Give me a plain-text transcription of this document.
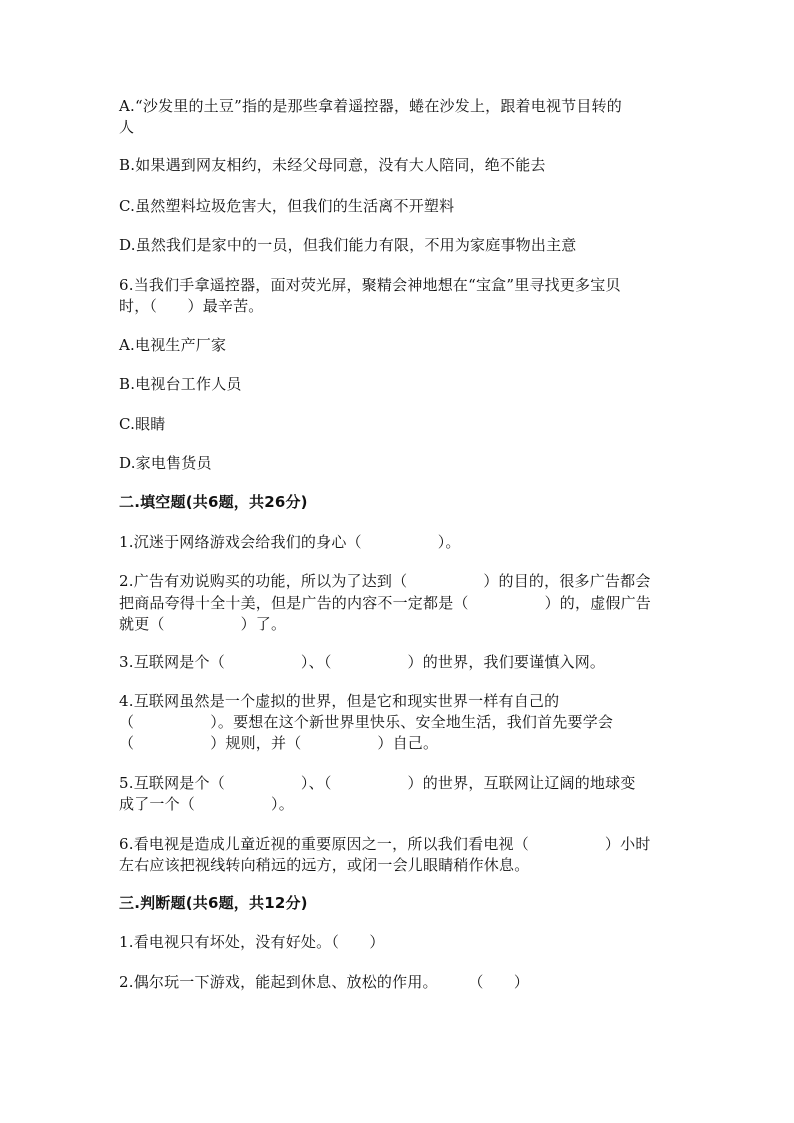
A.“沙发里的土豆”指的是那些拿着遥控器，蜷在沙发上，跟着电视节目转的
人
B.如果遇到网友相约，未经父母同意，没有大人陪同，绝不能去
C.虽然塑料垃圾危害大，但我们的生活离不开塑料
D.虽然我们是家中的一员，但我们能力有限，不用为家庭事物出主意
6.当我们手拿遥控器，面对荧光屏，聚精会神地想在“宝盒”里寻找更多宝贝
时，（　　）最辛苦。
A.电视生产厂家
B.电视台工作人员
C.眼睛
D.家电售货员
二.填空题(共6题，共26分)
1.沉迷于网络游戏会给我们的身心（　　　　　）。
2.广告有劝说购买的功能，所以为了达到（　　　　　）的目的，很多广告都会
把商品夸得十全十美，但是广告的内容不一定都是（　　　　　）的，虚假广告
就更（　　　　　）了。
3.互联网是个（　　　　　）、（　　　　　）的世界，我们要谨慎入网。
4.互联网虽然是一个虚拟的世界，但是它和现实世界一样有自己的
（　　　　　）。要想在这个新世界里快乐、安全地生活，我们首先要学会
（　　　　　）规则，并（　　　　　）自己。
5.互联网是个（　　　　　）、（　　　　　）的世界，互联网让辽阔的地球变
成了一个（　　　　　）。
6.看电视是造成儿童近视的重要原因之一，所以我们看电视（　　　　　）小时
左右应该把视线转向稍远的远方，或闭一会儿眼睛稍作休息。
三.判断题(共6题，共12分)
1.看电视只有坏处，没有好处。（　　）
2.偶尔玩一下游戏，能起到休息、放松的作用。　　　（　　）
